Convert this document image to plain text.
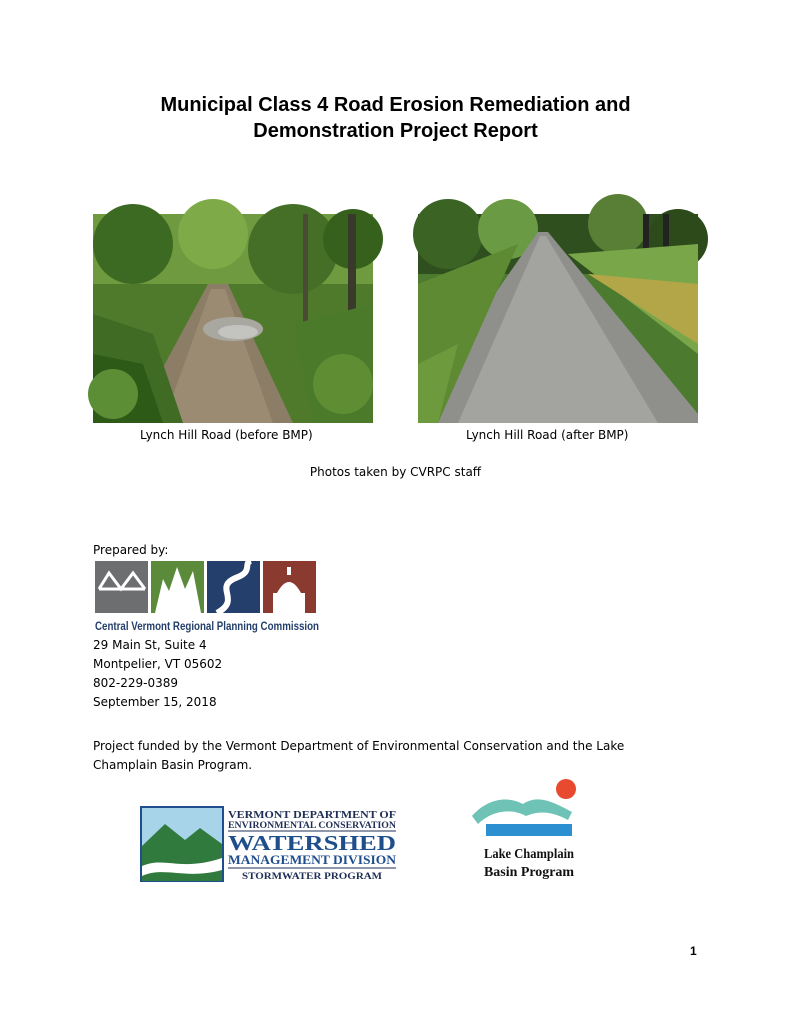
Municipal Class 4 Road Erosion Remediation and
Demonstration Project Report
Lynch Hill Road (before BMP)	Lynch Hill Road (after BMP)
Photos taken by CVRPC staff
Prepared by:
Central Vermont Regional Planning Commission
29 Main St, Suite 4
Montpelier, VT 05602
802-229-0389
September 15, 2018
Project funded by the Vermont Department of Environmental Conservation and the Lake
Champlain Basin Program.
VERMONT DEPARTMENT OF
ENVIRONMENTAL CONSERVATION
WATERSHED
MANAGEMENT DIVISION
STORMWATER PROGRAM
Lake Champlain
Basin Program
1
